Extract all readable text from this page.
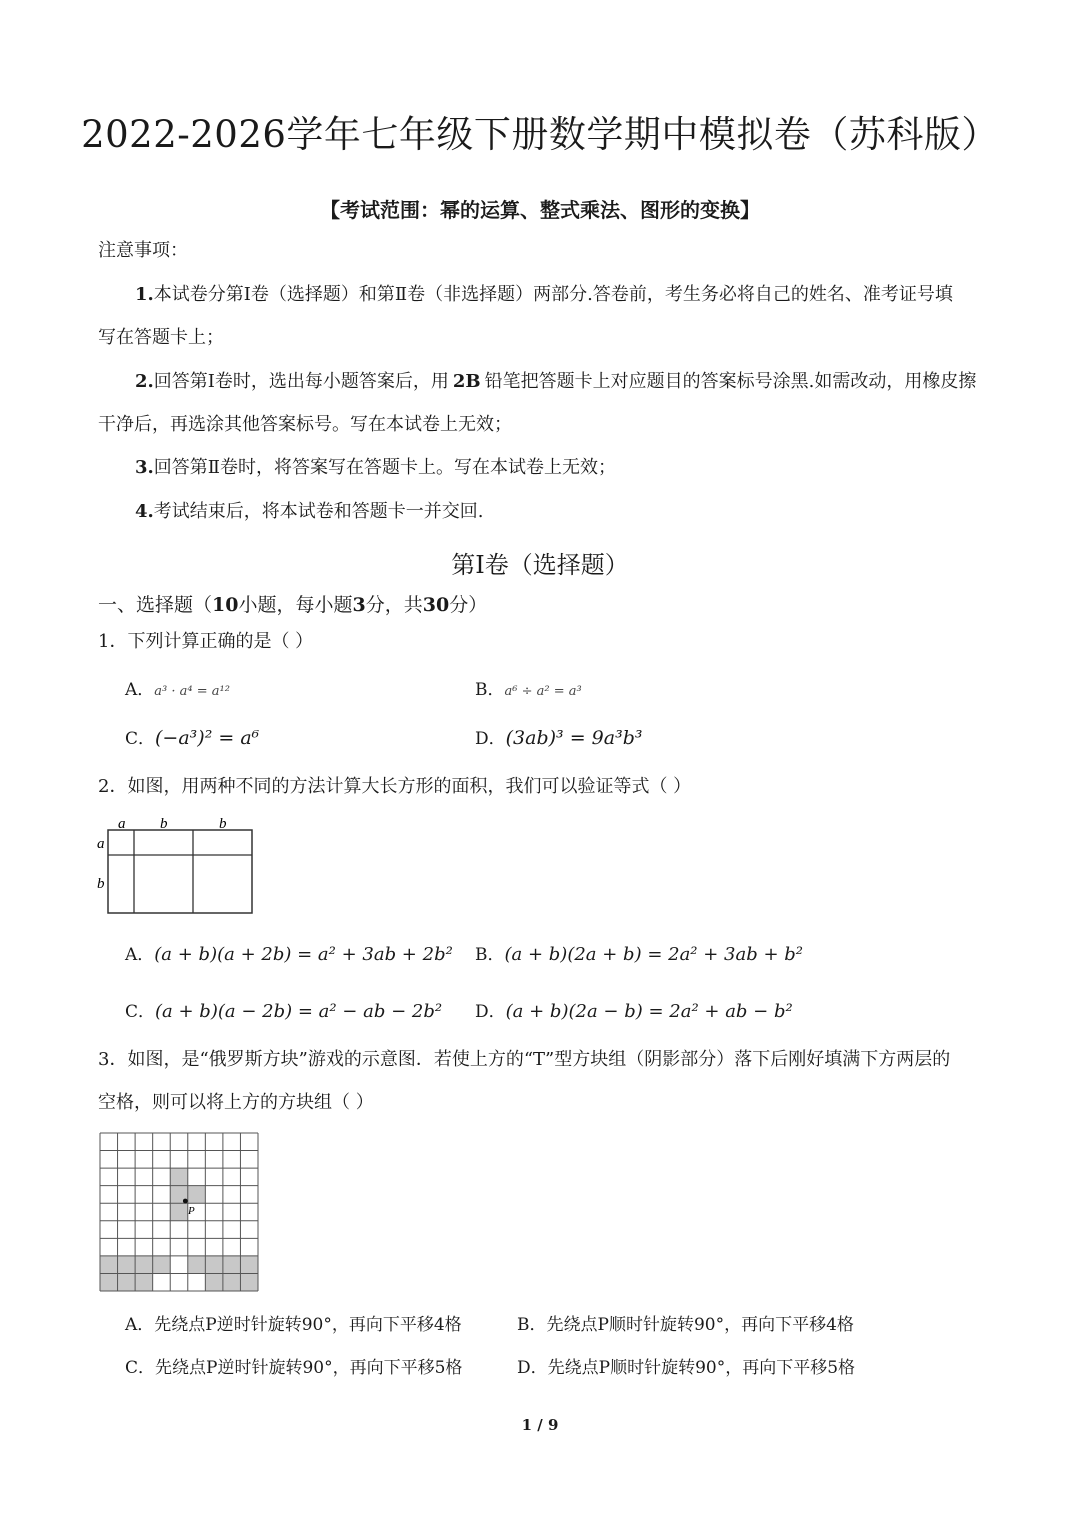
2022-2026学年七年级下册数学期中模拟卷（苏科版）
【考试范围：幂的运算、整式乘法、图形的变换】
注意事项：
1.本试卷分第Ⅰ卷（选择题）和第Ⅱ卷（非选择题）两部分.答卷前，考生务必将自己的姓名、准考证号填
写在答题卡上；
2.回答第Ⅰ卷时，选出每小题答案后，用 2B 铅笔把答题卡上对应题目的答案标号涂黑.如需改动，用橡皮擦
干净后，再选涂其他答案标号。写在本试卷上无效；
3.回答第Ⅱ卷时，将答案写在答题卡上。写在本试卷上无效；
4.考试结束后，将本试卷和答题卡一并交回.
第Ⅰ卷（选择题）
一、选择题（10小题，每小题3分，共30分）
1．下列计算正确的是（ ）
A．a³ · a⁴ = a¹²	B．a⁶ ÷ a² = a³
C．(−a³)² = a⁶	D．(3ab)³ = 9a³b³
2．如图，用两种不同的方法计算大长方形的面积，我们可以验证等式（ ）
a b	b
a
b
A．(a + b)(a + 2b) = a² + 3ab + 2b² B．(a + b)(2a + b) = 2a² + 3ab + b²
C．(a + b)(a − 2b) = a² − ab − 2b² D．(a + b)(2a − b) = 2a² + ab − b²
3．如图，是“俄罗斯方块”游戏的示意图．若使上方的“T”型方块组（阴影部分）落下后刚好填满下方两层的
空格，则可以将上方的方块组（ ）
P
A．先绕点P逆时针旋转90°，再向下平移4格	B．先绕点P顺时针旋转90°，再向下平移4格
C．先绕点P逆时针旋转90°，再向下平移5格	D．先绕点P顺时针旋转90°，再向下平移5格
1 / 9
